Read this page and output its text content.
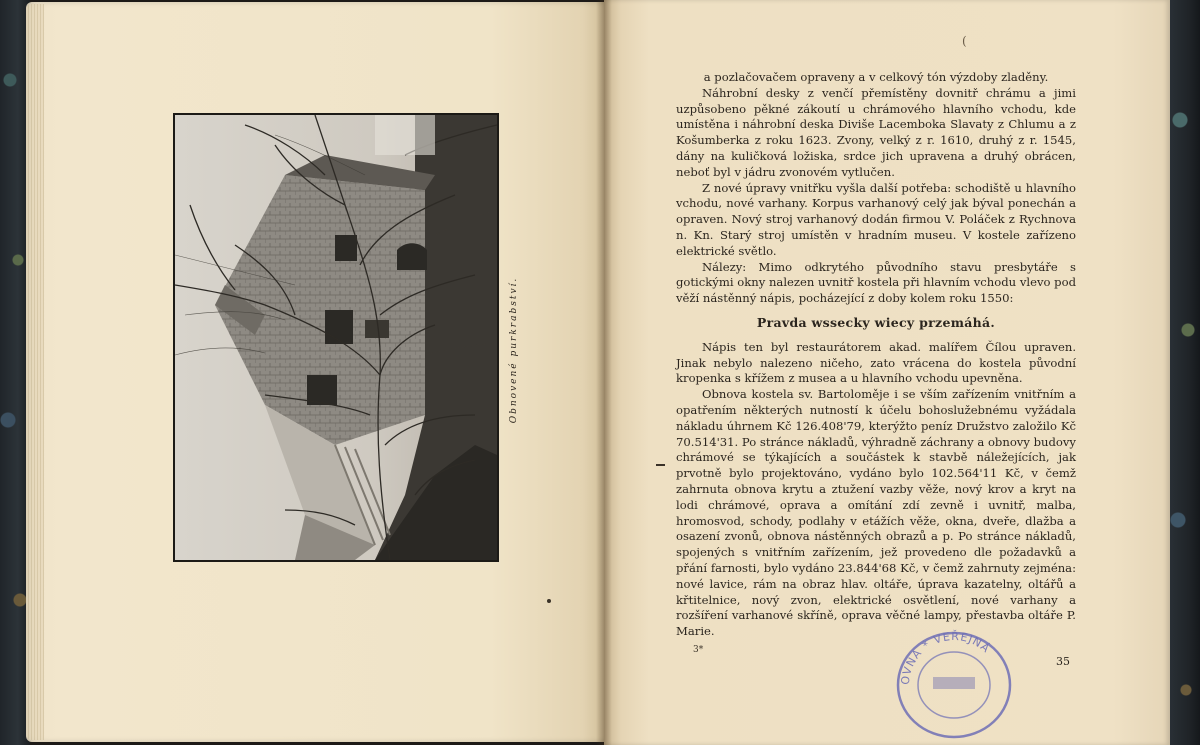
Obnovené purkrabství.
(

a pozlačovačem opraveny a v celkový tón výzdoby zladěny.

Náhrobní desky z venčí přemístěny dovnitř chrámu a jimi uzpůsobeno pěkné zákoutí u chrámového hlavního vchodu, kde umístěna i náhrobní deska Diviše Lacemboka Slavaty z Chlumu a z Košumberka z roku 1623. Zvony, velký z r. 1610, druhý z r. 1545, dány na kuličková ložiska, srdce jich upravena a druhý obrácen, neboť byl v jádru zvonovém vytlučen.

Z nové úpravy vnitřku vyšla další potřeba: schodiště u hlavního vchodu, nové varhany. Korpus varhanový celý jak býval ponechán a opraven. Nový stroj varhanový dodán firmou V. Poláček z Rychnova n. Kn. Starý stroj umístěn v hradním museu. V kostele zařízeno elektrické světlo.

Nálezy: Mimo odkrytého původního stavu presbytáře s gotickými okny nalezen uvnitř kostela při hlavním vchodu vlevo pod věží nástěnný nápis, pocházející z doby kolem roku 1550:

Pravda wssecky wiecy przemáhá.

Nápis ten byl restaurátorem akad. malířem Čílou upraven. Jinak nebylo nalezeno ničeho, zato vrácena do kostela původní kropenka s křížem z musea a u hlavního vchodu upevněna.

Obnova kostela sv. Bartoloměje i se vším zařízením vnitřním a opatřením některých nutností k účelu bohoslužebnému vyžádala nákladu úhrnem Kč 126.408'79, kterýžto peníz Družstvo založilo Kč 70.514'31. Po stránce nákladů, výhradně záchrany a obnovy budovy chrámové se týkajících a součástek k stavbě náležejících, jak prvotně bylo projektováno, vydáno bylo 102.564'11 Kč, v čemž zahrnuta obnova krytu a ztužení vazby věže, nový krov a kryt na lodi chrámové, oprava a omítání zdí zevně i uvnitř, malba, hromosvod, schody, podlahy v etážích věže, okna, dveře, dlažba a osazení zvonů, obnova nástěnných obrazů a p. Po stránce nákladů, spojených s vnitřním zařízením, jež provedeno dle požadavků a přání farnosti, bylo vydáno 23.844'68 Kč, v čemž zahrnuty zejména: nové lavice, rám na obraz hlav. oltáře, úprava kazatelny, oltářů a křtitelnice, nový zvon, elektrické osvětlení, nové varhany a rozšíření varhanové skříně, oprava věčné lampy, přestavba oltáře P. Marie.

3*
35
OVNA * VEŘEJNÁ
